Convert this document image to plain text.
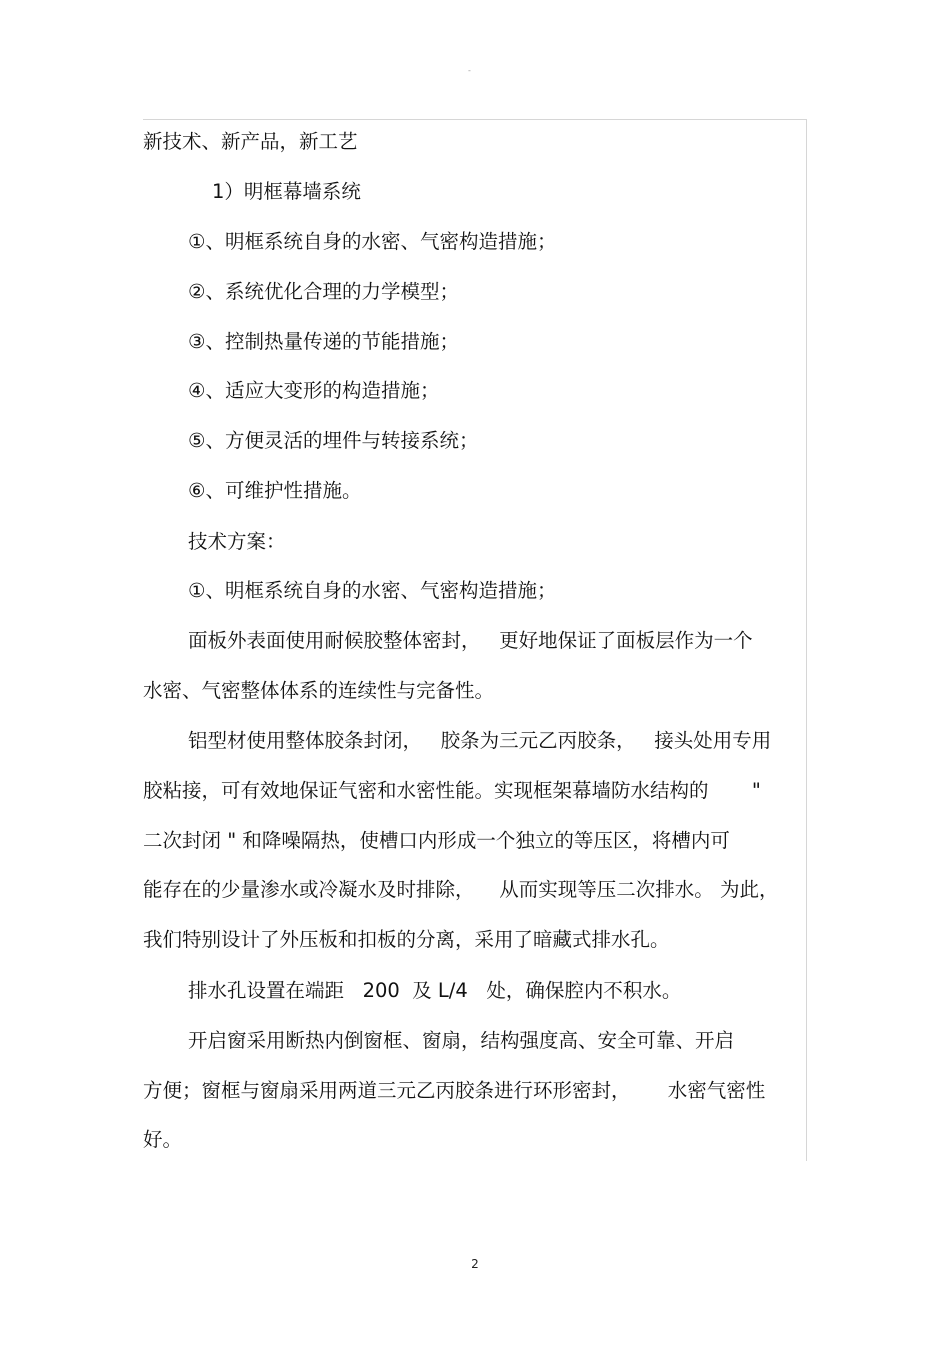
-
新技术、新产品，新工艺
1）明框幕墙系统
①、明框系统自身的水密、气密构造措施；
②、系统优化合理的力学模型；
③、控制热量传递的节能措施；
④、适应大变形的构造措施；
⑤、方便灵活的埋件与转接系统；
⑥、可维护性措施。
技术方案：
①、明框系统自身的水密、气密构造措施；
面板外表面使用耐候胶整体密封，   更好地保证了面板层作为一个
水密、气密整体体系的连续性与完备性。
铝型材使用整体胶条封闭，   胶条为三元乙丙胶条，   接头处用专用
胶粘接，可有效地保证气密和水密性能。实现框架幕墙防水结构的       "
二次封闭 " 和降噪隔热，使槽口内形成一个独立的等压区，将槽内可
能存在的少量渗水或冷凝水及时排除，    从而实现等压二次排水。 为此，
我们特别设计了外压板和扣板的分离，采用了暗藏式排水孔。
排水孔设置在端距   200  及 L/4   处，确保腔内不积水。
开启窗采用断热内倒窗框、窗扇，结构强度高、安全可靠、开启
方便；窗框与窗扇采用两道三元乙丙胶条进行环形密封，      水密气密性
好。
2
